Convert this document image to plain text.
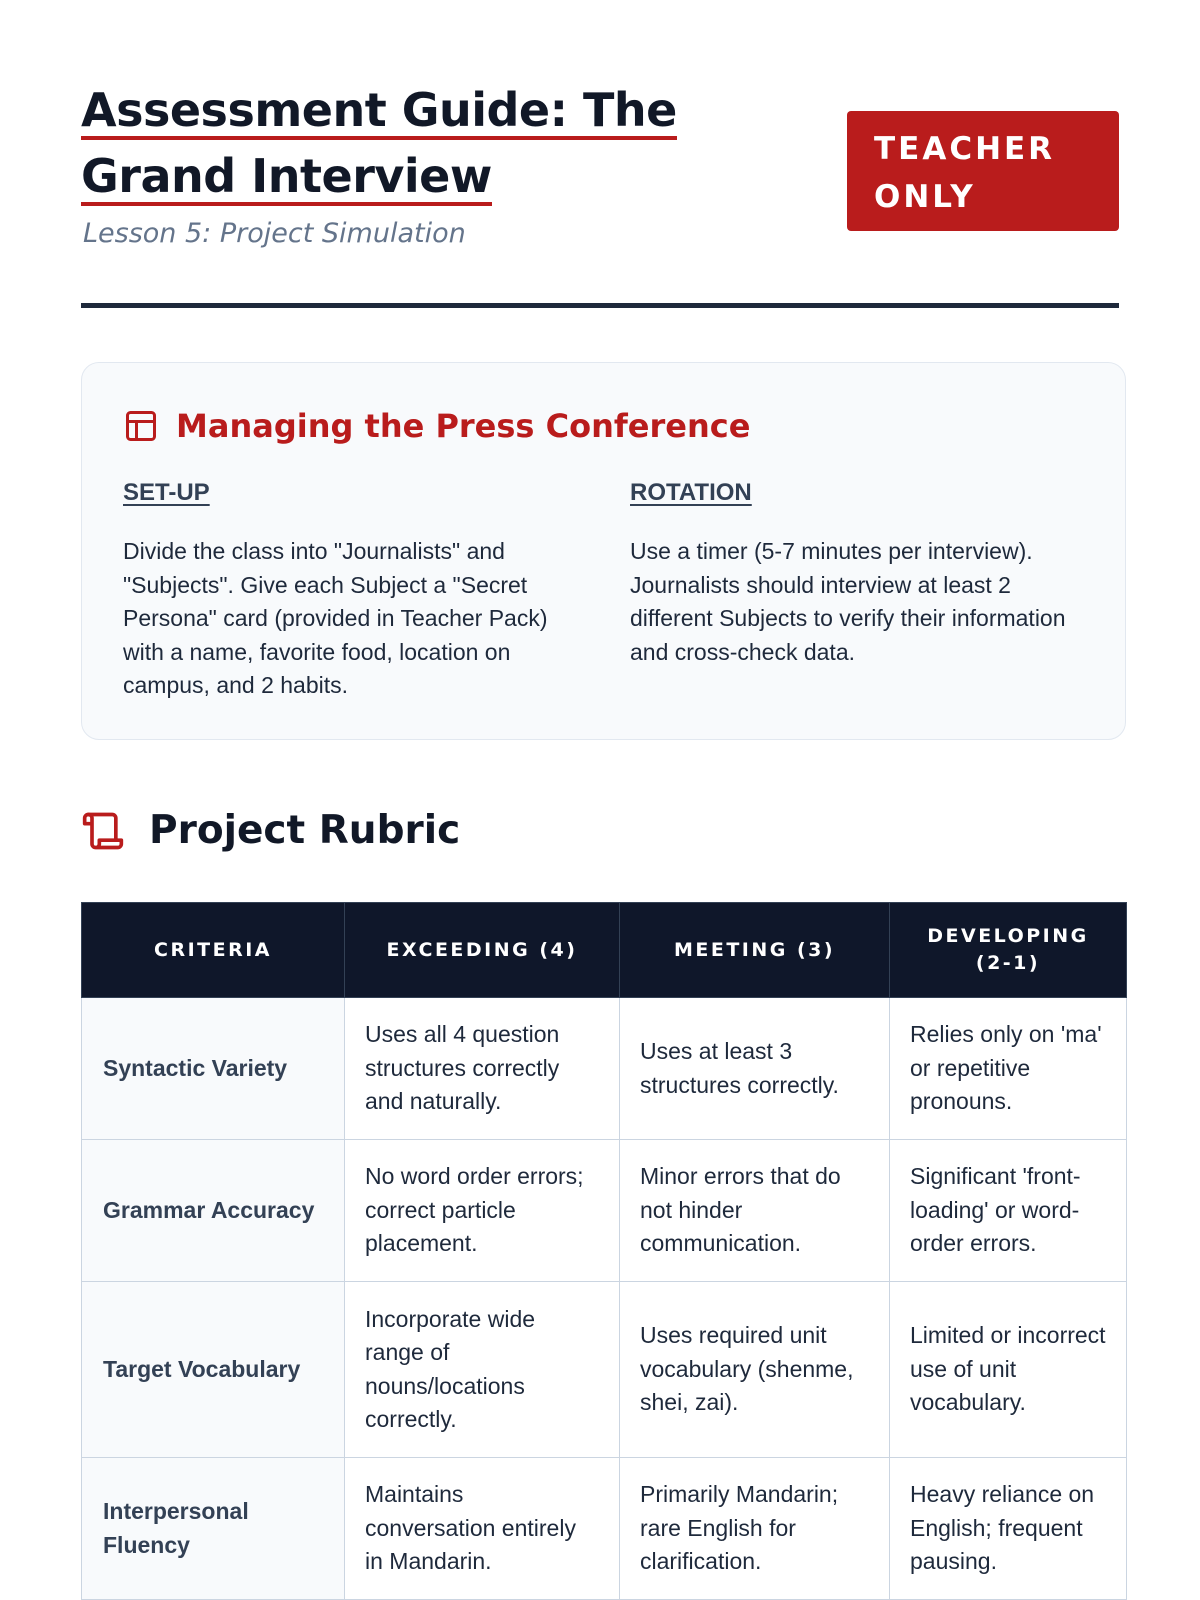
Assessment Guide: The
Grand Interview
Lesson 5: Project Simulation
TEACHER
ONLY
Managing the Press Conference
SET-UP
Divide the class into "Journalists" and "Subjects". Give each Subject a "Secret Persona" card (provided in Teacher Pack) with a name, favorite food, location on campus, and 2 habits.
ROTATION
Use a timer (5-7 minutes per interview). Journalists should interview at least 2 different Subjects to verify their information and cross-check data.
Project Rubric
CRITERIA	EXCEEDING (4)	MEETING (3)	DEVELOPING (2-1)
Syntactic Variety	Uses all 4 question structures correctly and naturally.	Uses at least 3 structures correctly.	Relies only on 'ma' or repetitive pronouns.
Grammar Accuracy	No word order errors; correct particle placement.	Minor errors that do not hinder communication.	Significant 'front-loading' or word-order errors.
Target Vocabulary	Incorporate wide range of nouns/locations correctly.	Uses required unit vocabulary (shenme, shei, zai).	Limited or incorrect use of unit vocabulary.
Interpersonal Fluency	Maintains conversation entirely in Mandarin.	Primarily Mandarin; rare English for clarification.	Heavy reliance on English; frequent pausing.
